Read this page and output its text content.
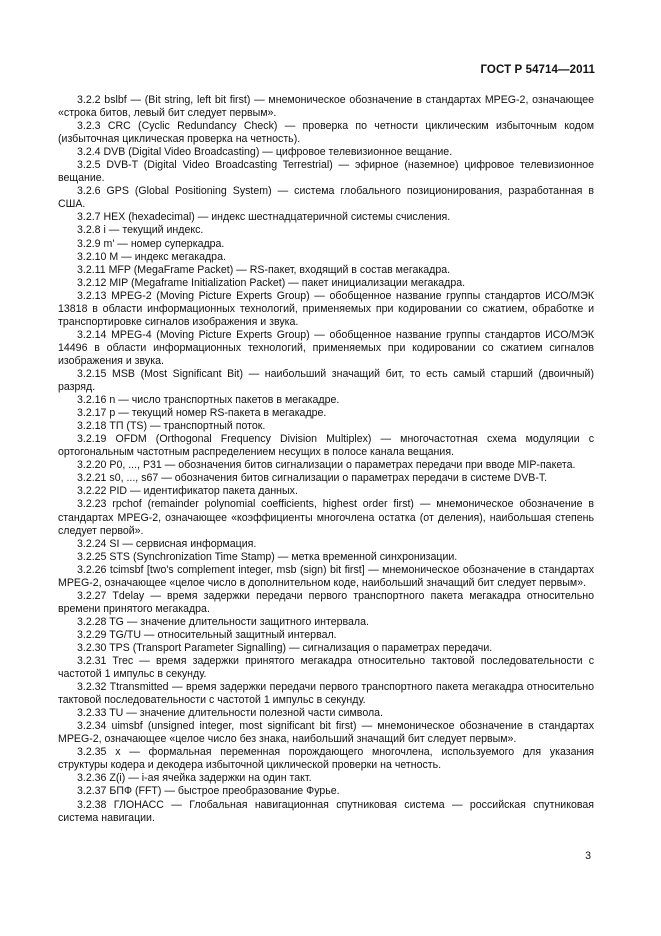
ГОСТ Р 54714—2011

3.2.2 bslbf — (Bit string, left bit first) — мнемоническое обозначение в стандартах MPEG-2, означающее «строка битов, левый бит следует первым».

3.2.3 CRC (Cyclic Redundancy Check) — проверка по четности циклическим избыточным кодом (избыточная циклическая проверка на четность).

3.2.4 DVB (Digital Video Broadcasting) — цифровое телевизионное вещание.

3.2.5 DVB-T (Digital Video Broadcasting Terrestrial) — эфирное (наземное) цифровое телевизионное вещание.

3.2.6 GPS (Global Positioning System) — система глобального позиционирования, разработанная в США.

3.2.7 HEX (hexadecimal) — индекс шестнадцатеричной системы счисления.

3.2.8 i — текущий индекс.

3.2.9 m' — номер суперкадра.

3.2.10 M — индекс мегакадра.

3.2.11 MFP (MegaFrame Packet) — RS-пакет, входящий в состав мегакадра.

3.2.12 MIP (Megaframe Initialization Packet) — пакет инициализации мегакадра.

3.2.13 MPEG-2 (Moving Picture Experts Group) — обобщенное название группы стандартов ИСО/МЭК 13818 в области информационных технологий, применяемых при кодировании со сжатием, обработке и транспортировке сигналов изображения и звука.

3.2.14 MPEG-4 (Moving Picture Experts Group) — обобщенное название группы стандартов ИСО/МЭК 14496 в области информационных технологий, применяемых при кодировании со сжатием сигналов изображения и звука.

3.2.15 MSB (Most Significant Bit) — наибольший значащий бит, то есть самый старший (двоичный) разряд.

3.2.16 n — число транспортных пакетов в мегакадре.

3.2.17 p — текущий номер RS-пакета в мегакадре.

3.2.18 ТП (TS) — транспортный поток.

3.2.19 OFDM (Orthogonal Frequency Division Multiplex) — многочастотная схема модуляции с ортогональным частотным распределением несущих в полосе канала вещания.

3.2.20 P0, ..., P31 — обозначения битов сигнализации о параметрах передачи при вводе MIP-пакета.

3.2.21 s0, ..., s67 — обозначения битов сигнализации о параметрах передачи в системе DVB-T.

3.2.22 PID — идентификатор пакета данных.

3.2.23 rpchof (remainder polynomial coefficients, highest order first) — мнемоническое обозначение в стандартах MPEG-2, означающее «коэффициенты многочлена остатка (от деления), наибольшая степень следует первой».

3.2.24 SI — сервисная информация.

3.2.25 STS (Synchronization Time Stamp) — метка временной синхронизации.

3.2.26 tcimsbf [two's complement integer, msb (sign) bit first] — мнемоническое обозначение в стандартах MPEG-2, означающее «целое число в дополнительном коде, наибольший значащий бит следует первым».

3.2.27 Tdelay — время задержки передачи первого транспортного пакета мегакадра относительно времени принятого мегакадра.

3.2.28 TG — значение длительности защитного интервала.

3.2.29 TG/TU — относительный защитный интервал.

3.2.30 TPS (Transport Parameter Signalling) — сигнализация о параметрах передачи.

3.2.31 Trec — время задержки принятого мегакадра относительно тактовой последовательности с частотой 1 импульс в секунду.

3.2.32 Ttransmitted — время задержки передачи первого транспортного пакета мегакадра относительно тактовой последовательности с частотой 1 импульс в секунду.

3.2.33 TU — значение длительности полезной части символа.

3.2.34 uimsbf (unsigned integer, most significant bit first) — мнемоническое обозначение в стандартах MPEG-2, означающее «целое число без знака, наибольший значащий бит следует первым».

3.2.35 x — формальная переменная порождающего многочлена, используемого для указания структуры кодера и декодера избыточной циклической проверки на четность.

3.2.36 Z(i) — i-ая ячейка задержки на один такт.

3.2.37 БПФ (FFT) — быстрое преобразование Фурье.

3.2.38 ГЛОНАСС — Глобальная навигационная спутниковая система — российская спутниковая система навигации.

3
